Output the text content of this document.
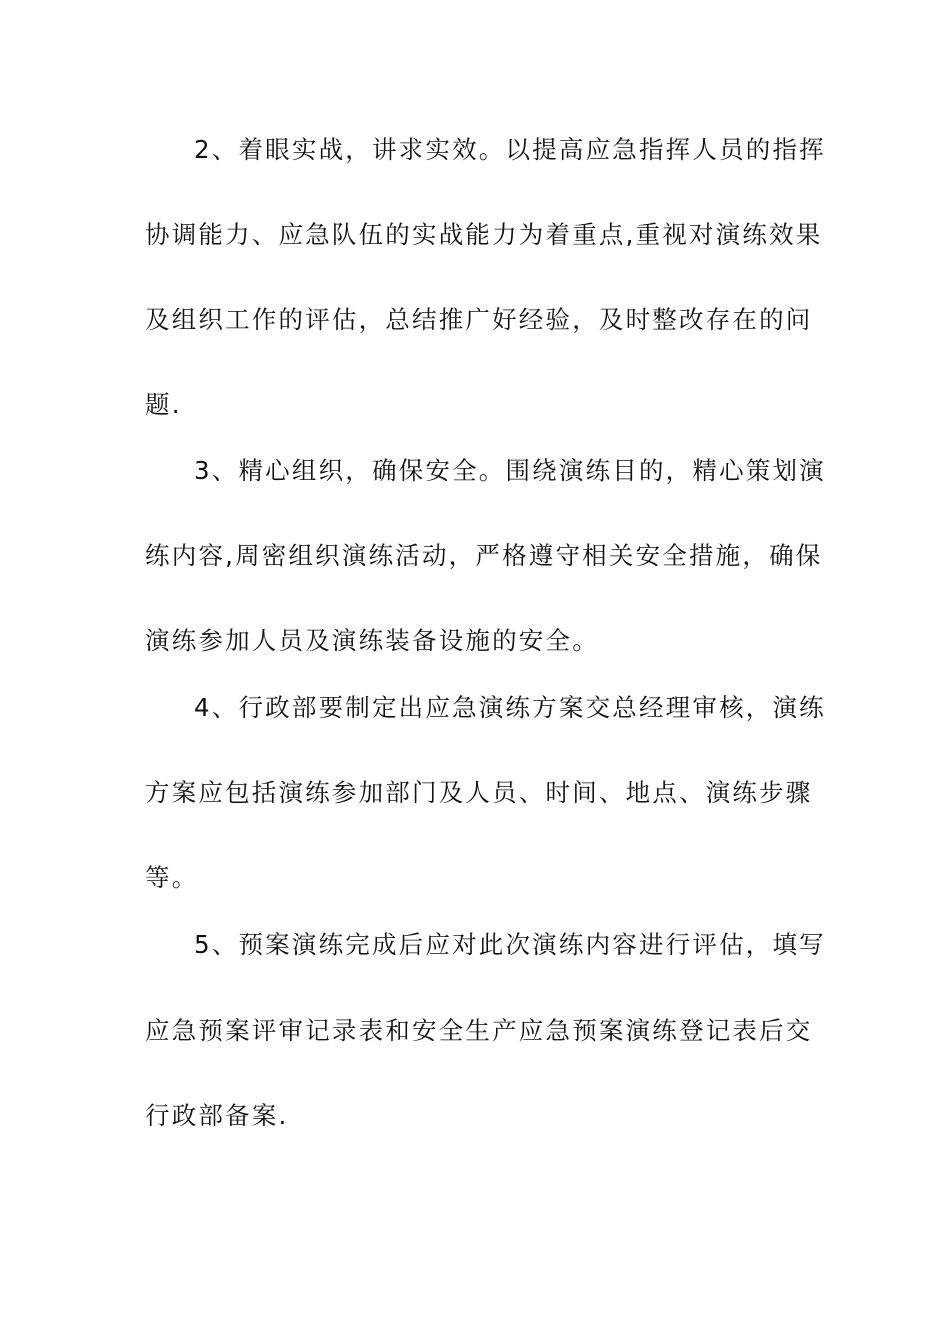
2、着眼实战，讲求实效。以提高应急指挥人员的指挥
协调能力、应急队伍的实战能力为着重点,重视对演练效果
及组织工作的评估，总结推广好经验，及时整改存在的问
题.
3、精心组织，确保安全。围绕演练目的，精心策划演
练内容,周密组织演练活动，严格遵守相关安全措施，确保
演练参加人员及演练装备设施的安全。
4、行政部要制定出应急演练方案交总经理审核，演练
方案应包括演练参加部门及人员、时间、地点、演练步骤
等。
5、预案演练完成后应对此次演练内容进行评估，填写
应急预案评审记录表和安全生产应急预案演练登记表后交
行政部备案.
